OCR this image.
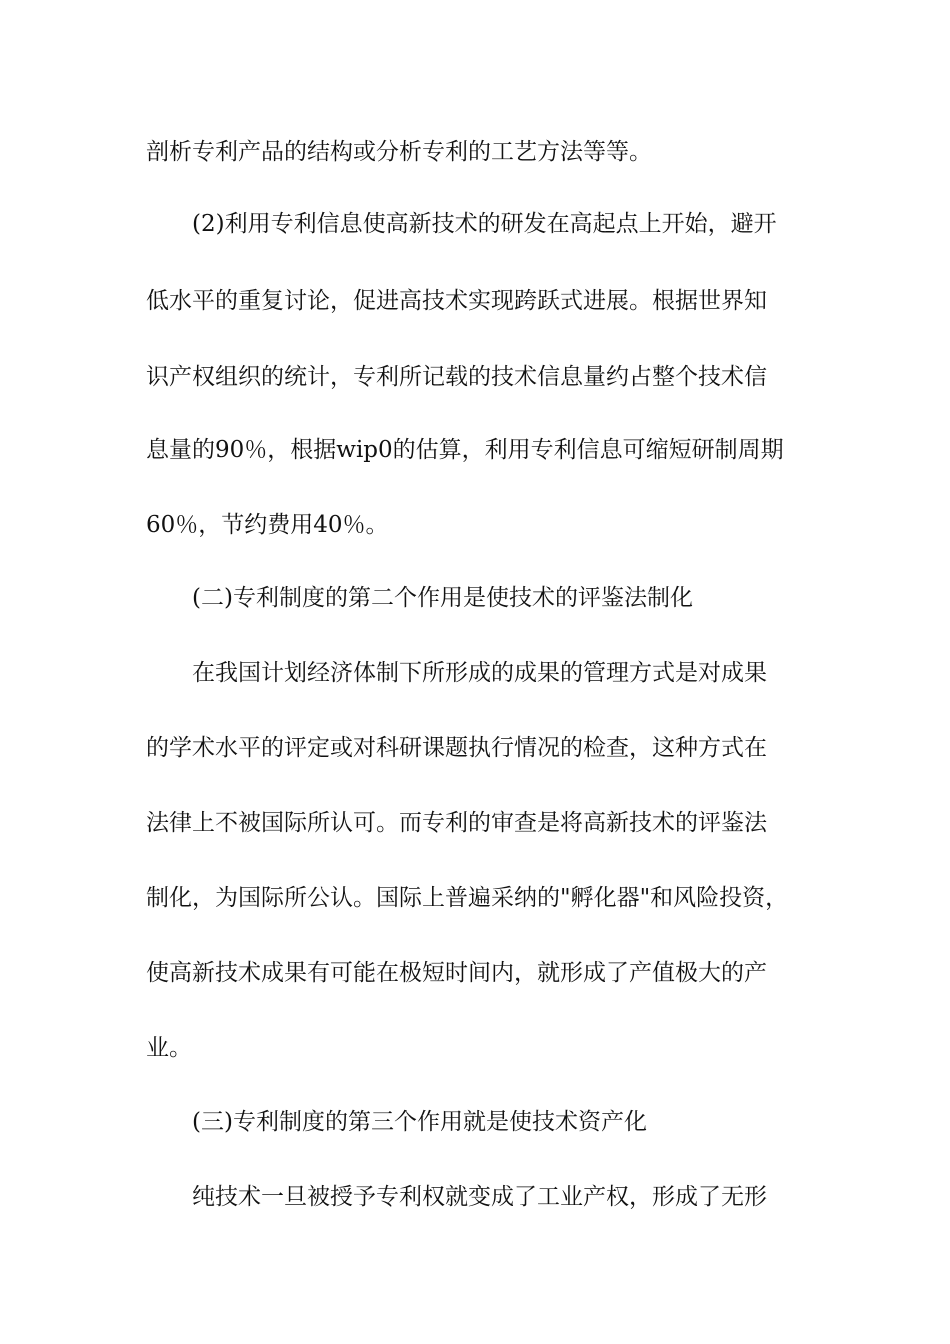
剖析专利产品的结构或分析专利的工艺方法等等。
(2)利用专利信息使高新技术的研发在高起点上开始，避开
低水平的重复讨论，促进高技术实现跨跃式进展。根据世界知
识产权组织的统计，专利所记载的技术信息量约占整个技术信
息量的90％，根据wip0的估算，利用专利信息可缩短研制周期
60％，节约费用40％。
(二)专利制度的第二个作用是使技术的评鉴法制化
在我国计划经济体制下所形成的成果的管理方式是对成果
的学术水平的评定或对科研课题执行情况的检查，这种方式在
法律上不被国际所认可。而专利的审查是将高新技术的评鉴法
制化，为国际所公认。国际上普遍采纳的"孵化器"和风险投资，
使高新技术成果有可能在极短时间内，就形成了产值极大的产
业。
(三)专利制度的第三个作用就是使技术资产化
纯技术一旦被授予专利权就变成了工业产权，形成了无形
